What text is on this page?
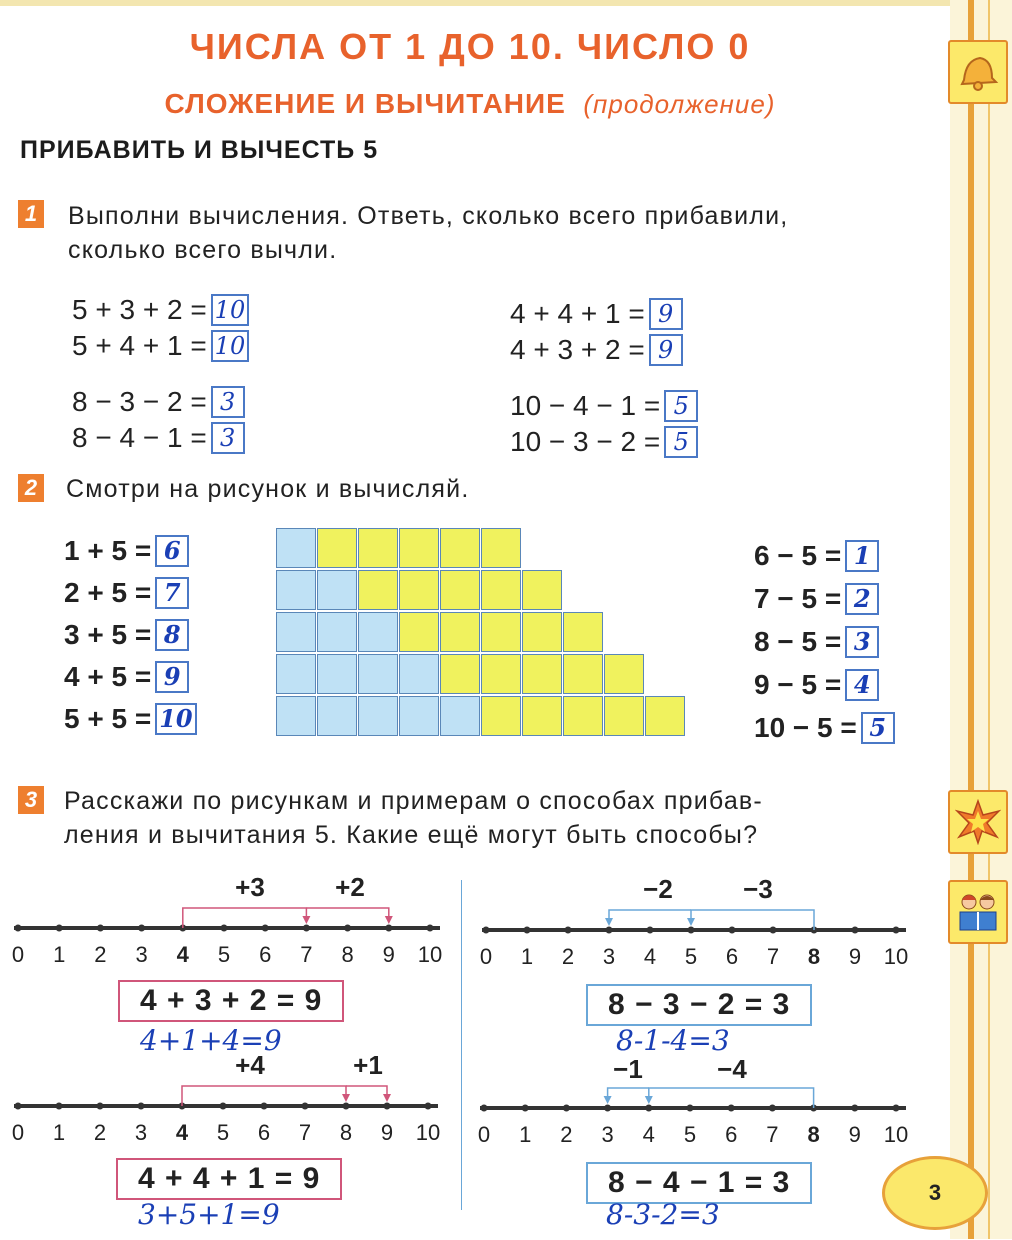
ЧИСЛА ОТ 1 ДО 10. ЧИСЛО 0
СЛОЖЕНИЕ И ВЫЧИТАНИЕ (продолжение)
ПРИБАВИТЬ И ВЫЧЕСТЬ 5
1 Выполни вычисления. Ответь, сколько всего прибавили,
сколько всего вычли.
5 + 3 + 2 = 10
5 + 4 + 1 = 10
8 − 3 − 2 = 3
8 − 4 − 1 = 3
4 + 4 + 1 = 9
4 + 3 + 2 = 9
10 − 4 − 1 = 5
10 − 3 − 2 = 5
2 Смотри на рисунок и вычисляй.
1 + 5 = 6
2 + 5 = 7
3 + 5 = 8
4 + 5 = 9
5 + 5 = 10
6 − 5 = 1
7 − 5 = 2
8 − 5 = 3
9 − 5 = 4
10 − 5 = 5
3 Расскажи по рисункам и примерам о способах прибав-
ления и вычитания 5. Какие ещё могут быть способы?
0 1 2 3 4 5 6 7 8 9 10
+3	+2
0 1 2 3 4 5 6 7 8 9 10
−2	−3
0 1 2 3 4 5 6 7 8 9 10
+4	+1
0 1 2 3 4 5 6 7 8 9 10
−1	−4
4 + 3 + 2 = 9
4+1+4=9
8 − 3 − 2 = 3
8-1-4=3
4 + 4 + 1 = 9
3+5+1=9
8 − 4 − 1 = 3
8-3-2=3
3
